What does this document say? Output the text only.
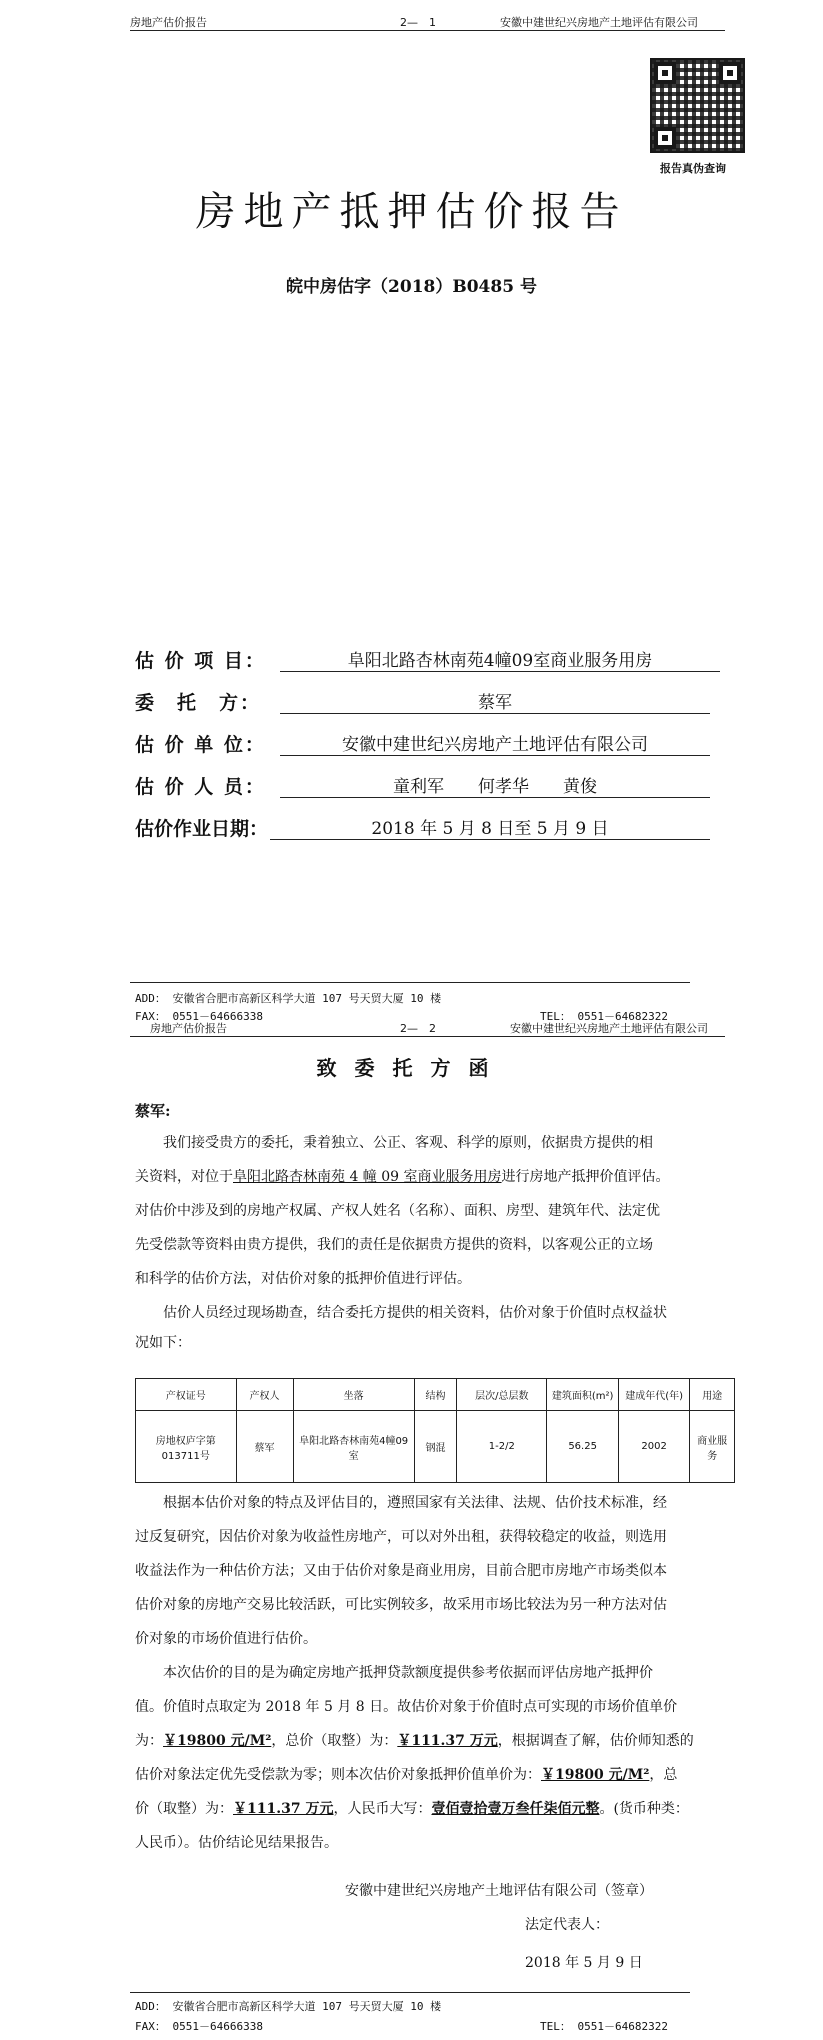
房地产估价报告	2—　1	安徽中建世纪兴房地产土地评估有限公司
报告真伪查询
房地产抵押估价报告
皖中房估字（2018）B0485 号
估 价 项 目：	阜阳北路杏林南苑4幢09室商业服务用房
委　托　方：	蔡军
估 价 单 位：	安徽中建世纪兴房地产土地评估有限公司
估 价 人 员：	童利军　　何孝华　　黄俊
估价作业日期：	2018 年 5 月 8 日至 5 月 9 日
ADD： 安徽省合肥市高新区科学大道 107 号天贸大厦 10 楼
FAX： 0551－64666338	TEL： 0551－64682322
房地产估价报告	2—　2	安徽中建世纪兴房地产土地评估有限公司
致委托方函
蔡军:
我们接受贵方的委托，秉着独立、公正、客观、科学的原则，依据贵方提供的相
关资料，对位于阜阳北路杏林南苑 4 幢 09 室商业服务用房进行房地产抵押价值评估。
对估价中涉及到的房地产权属、产权人姓名（名称）、面积、房型、建筑年代、法定优
先受偿款等资料由贵方提供，我们的责任是依据贵方提供的资料，以客观公正的立场
和科学的估价方法，对估价对象的抵押价值进行评估。
估价人员经过现场勘查，结合委托方提供的相关资料，估价对象于价值时点权益状
况如下：
产权证号	产权人	坐落	结构	层次/总层数	建筑面积(m²)	建成年代(年)	用途
房地权庐字第013711号	蔡军	阜阳北路杏林南苑4幢09室	钢混	1-2/2	56.25	2002	商业服务
根据本估价对象的特点及评估目的，遵照国家有关法律、法规、估价技术标准，经
过反复研究，因估价对象为收益性房地产，可以对外出租，获得较稳定的收益，则选用
收益法作为一种估价方法；又由于估价对象是商业用房，目前合肥市房地产市场类似本
估价对象的房地产交易比较活跃，可比实例较多，故采用市场比较法为另一种方法对估
价对象的市场价值进行估价。
本次估价的目的是为确定房地产抵押贷款额度提供参考依据而评估房地产抵押价
值。价值时点取定为 2018 年 5 月 8 日。故估价对象于价值时点可实现的市场价值单价
为：￥19800 元/M²，总价（取整）为：￥111.37 万元，根据调查了解，估价师知悉的
估价对象法定优先受偿款为零；则本次估价对象抵押价值单价为：￥19800 元/M²，总
价（取整）为：￥111.37 万元，人民币大写：壹佰壹拾壹万叁仟柒佰元整。(货币种类：
人民币）。估价结论见结果报告。
安徽中建世纪兴房地产土地评估有限公司（签章）
法定代表人：
2018 年 5 月 9 日
ADD： 安徽省合肥市高新区科学大道 107 号天贸大厦 10 楼
FAX： 0551－64666338	TEL： 0551－64682322
